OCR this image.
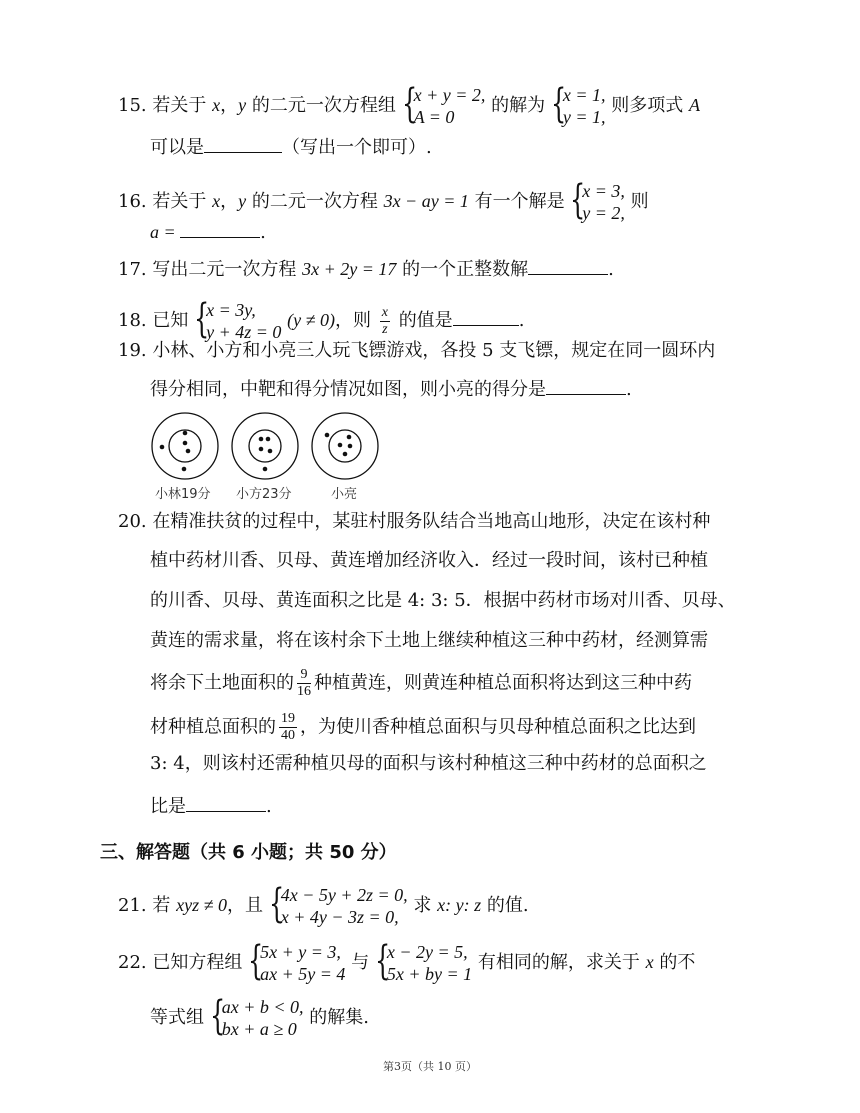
15. 若关于 x，y 的二元一次方程组 {
x + y = 2,
A = 0
的解为 {
x = 1,
y = 1,
则多项式 A
可以是	（写出一个即可）.
16. 若关于 x，y 的二元一次方程 3x − ay = 1 有一个解是 {
x = 3,
y = 2,
则
a =	.
17. 写出二元一次方程 3x + 2y = 17 的一个正整数解	.
18. 已知 {
x = 3y,
y + 4z = 0
(y ≠ 0)，则 $\frac{x}{z}$ 的值是	.
19. 小林、小方和小亮三人玩飞镖游戏，各投 5 支飞镖，规定在同一圆环内
得分相同，中靶和得分情况如图，则小亮的得分是	.
小林19分 小方23分	小亮
20. 在精准扶贫的过程中，某驻村服务队结合当地高山地形，决定在该村种
植中药材川香、贝母、黄连增加经济收入．经过一段时间，该村已种植
的川香、贝母、黄连面积之比是 4: 3: 5．根据中药材市场对川香、贝母、
黄连的需求量，将在该村余下土地上继续种植这三种中药材，经测算需
将余下土地面积的 $\frac{9}{16}$ 种植黄连，则黄连种植总面积将达到这三种中药
材种植总面积的 $\frac{19}{40}$ ，为使川香种植总面积与贝母种植总面积之比达到
3: 4，则该村还需种植贝母的面积与该村种植这三种中药材的总面积之
比是	.
三、解答题（共 6 小题；共 50 分）
21. 若 xyz ≠ 0，且 {
4x − 5y + 2z = 0,
x + 4y − 3z = 0,
求 x: y: z 的值.
22. 已知方程组 {
5x + y = 3,
ax + 5y = 4
与 {
x − 2y = 5,
5x + by = 1
有相同的解，求关于 x 的不
等式组 {
ax + b < 0,
bx + a ≥ 0
的解集.
第3页（共 10 页）
